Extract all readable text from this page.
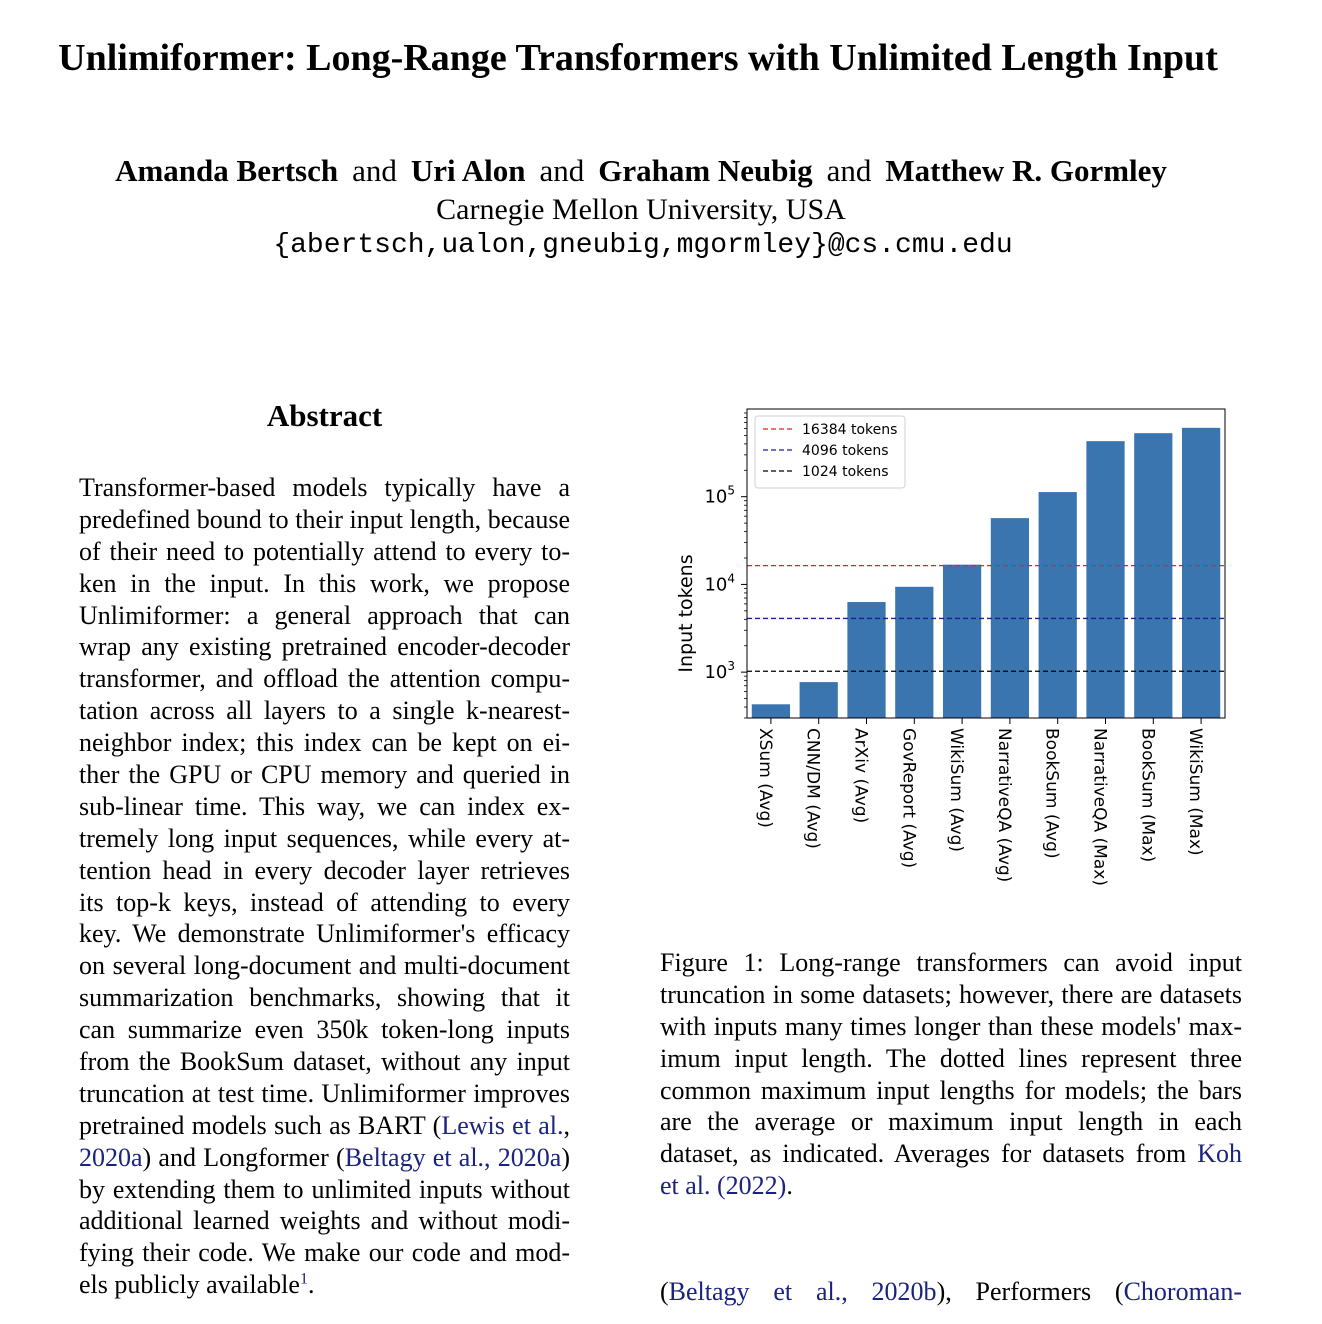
Unlimiformer: Long-Range Transformers with Unlimited Length Input
Amanda Bertsch and Uri Alon and Graham Neubig and Matthew R. Gormley
Carnegie Mellon University, USA
{abertsch,ualon,gneubig,mgormley}@cs.cmu.edu
Abstract
Transformer-based models typically have a
predefined bound to their input length, because
of their need to potentially attend to every to-
ken in the input. In this work, we propose
Unlimiformer: a general approach that can
wrap any existing pretrained encoder-decoder
transformer, and offload the attention compu-
tation across all layers to a single k-nearest-
neighbor index; this index can be kept on ei-
ther the GPU or CPU memory and queried in
sub-linear time. This way, we can index ex-
tremely long input sequences, while every at-
tention head in every decoder layer retrieves
its top-k keys, instead of attending to every
key. We demonstrate Unlimiformer's efficacy
on several long-document and multi-document
summarization benchmarks, showing that it
can summarize even 350k token-long inputs
from the BookSum dataset, without any input
truncation at test time. Unlimiformer improves
pretrained models such as BART (Lewis et al.,
2020a) and Longformer (Beltagy et al., 2020a)
by extending them to unlimited inputs without
additional learned weights and without modi-
fying their code. We make our code and mod-
els publicly available$^1$.
XSum (Avg) CNN/DM (Avg) ArXiv (Avg) GovReport (Avg) WikiSum (Avg) NarrativeQA (Avg) BookSum (Avg) NarrativeQA (Max) BookSum (Max) WikiSum (Max)
$10^3$
$10^4$
$10^5$
Input tokens
16384 tokens
4096 tokens
1024 tokens
Figure 1: Long-range transformers can avoid input
truncation in some datasets; however, there are datasets
with inputs many times longer than these models' max-
imum input length. The dotted lines represent three
common maximum input lengths for models; the bars
are the average or maximum input length in each
dataset, as indicated. Averages for datasets from Koh
et al. (2022).
(Beltagy et al., 2020b), Performers (Choroman-
